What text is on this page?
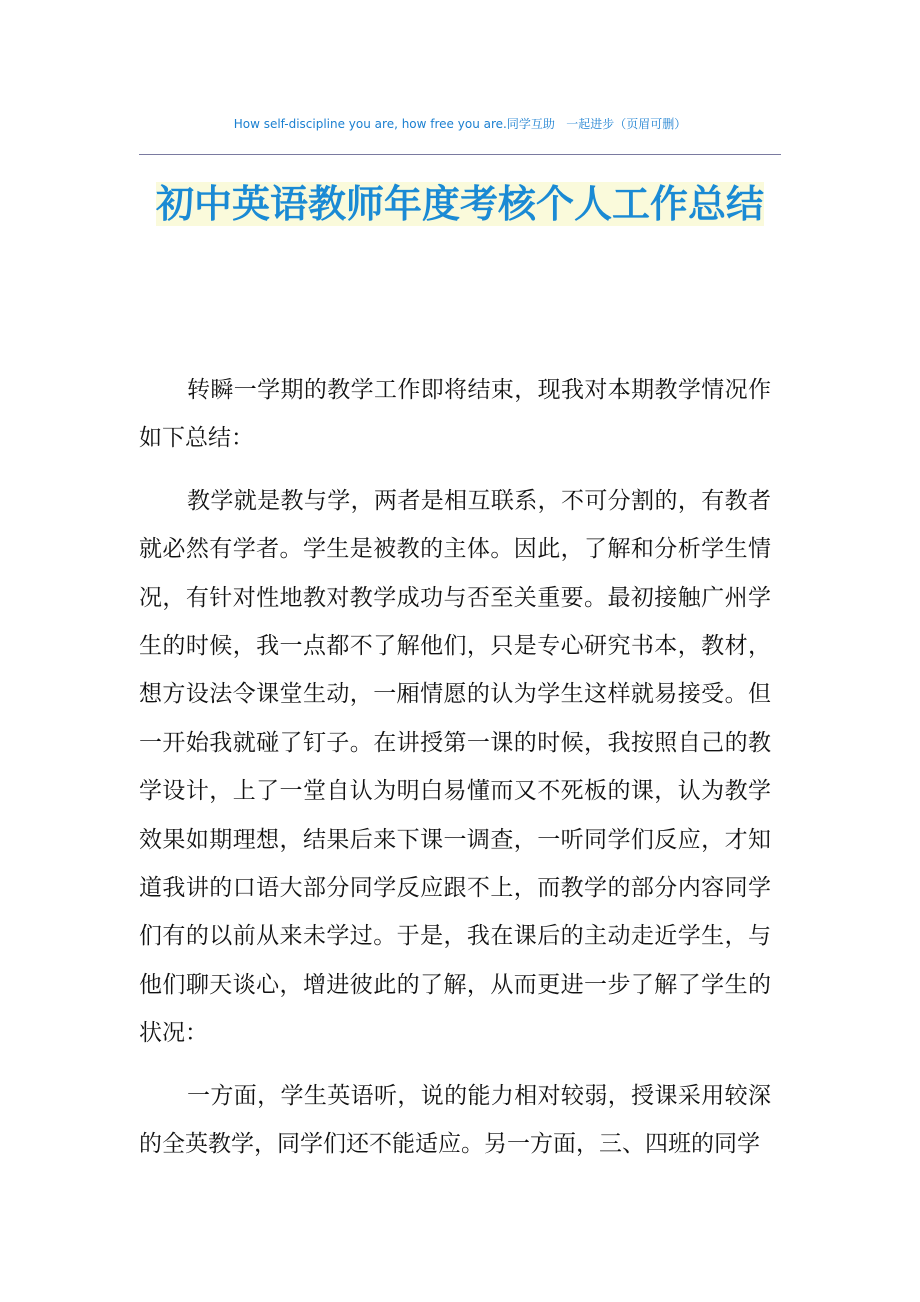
How self-discipline you are, how free you are.同学互助   一起进步（页眉可删）
初中英语教师年度考核个人工作总结

转瞬一学期的教学工作即将结束，现我对本期教学情况作如下总结：

教学就是教与学，两者是相互联系，不可分割的，有教者就必然有学者。学生是被教的主体。因此，了解和分析学生情况，有针对性地教对教学成功与否至关重要。最初接触广州学生的时候，我一点都不了解他们，只是专心研究书本，教材，想方设法令课堂生动，一厢情愿的认为学生这样就易接受。但一开始我就碰了钉子。在讲授第一课的时候，我按照自己的教学设计，上了一堂自认为明白易懂而又不死板的课，认为教学效果如期理想，结果后来下课一调查，一听同学们反应，才知道我讲的口语大部分同学反应跟不上，而教学的部分内容同学们有的以前从来未学过。于是，我在课后的主动走近学生，与他们聊天谈心，增进彼此的了解，从而更进一步了解了学生的状况：

一方面，学生英语听，说的能力相对较弱，授课采用较深的全英教学，同学们还不能适应。另一方面，三、四班的同学
